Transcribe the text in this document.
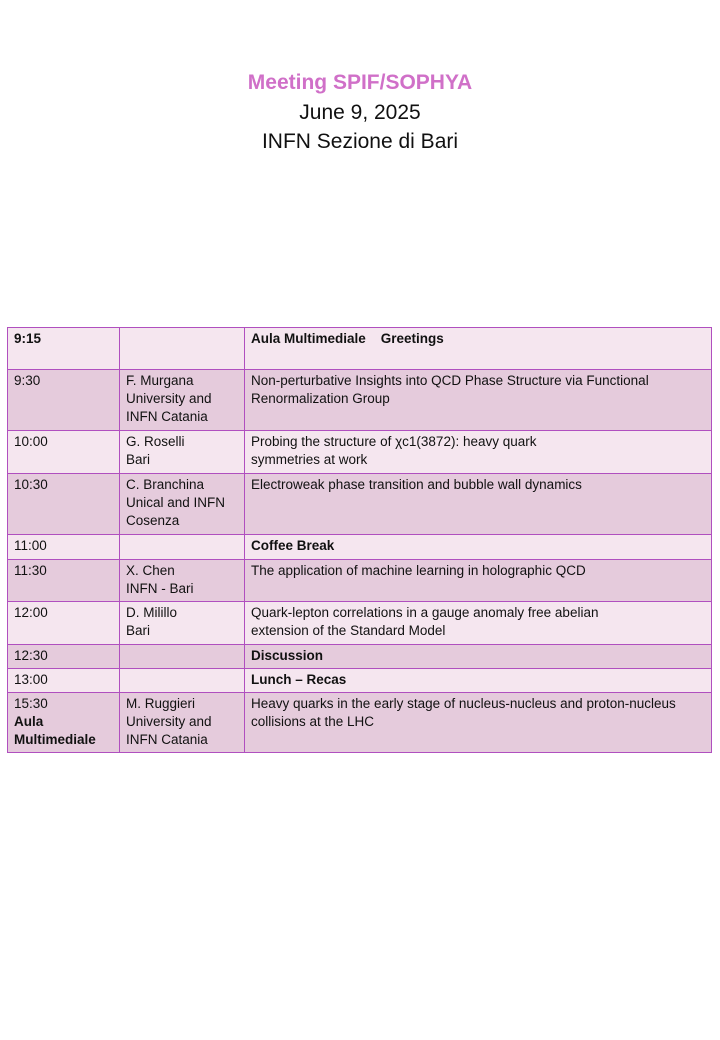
Meeting SPIF/SOPHYA
June 9, 2025
INFN Sezione di Bari
9:15		Aula Multimediale    Greetings

9:30	F. Murgana
University and
INFN Catania	Non-perturbative Insights into QCD Phase Structure via Functional
Renormalization Group

10:00	G. Roselli
Bari	Probing the structure of χc1(3872): heavy quark
symmetries at work

10:30	C. Branchina
Unical and INFN
Cosenza	Electroweak phase transition and bubble wall dynamics

11:00		Coffee Break

11:30	X. Chen
INFN - Bari	The application of machine learning in holographic QCD

12:00	D. Milillo
Bari	Quark-lepton correlations in a gauge anomaly free abelian
extension of the Standard Model

12:30		Discussion

13:00		Lunch – Recas

15:30
Aula
Multimediale	M. Ruggieri
University and
INFN Catania	Heavy quarks in the early stage of nucleus-nucleus and proton-nucleus
collisions at the LHC
